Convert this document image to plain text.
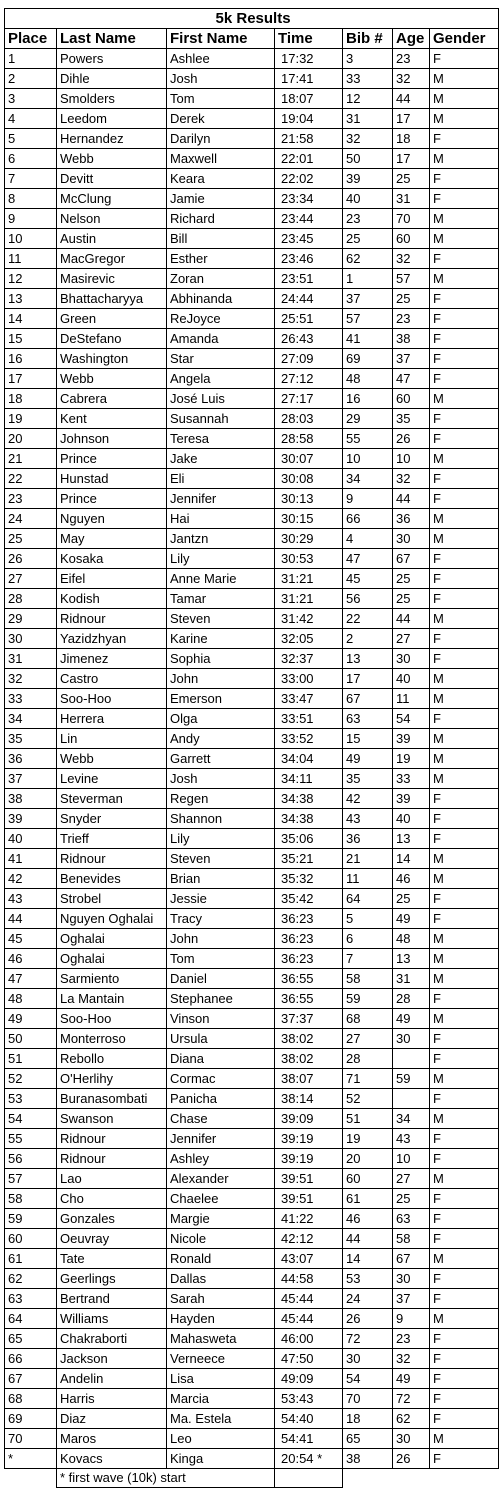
5k Results						
Place	Last Name	First Name	Time	Bib #	Age	Gender
1	Powers	Ashlee	17:32	3	23	F
2	Dihle	Josh	17:41	33	32	M
3	Smolders	Tom	18:07	12	44	M
4	Leedom	Derek	19:04	31	17	M
5	Hernandez	Darilyn	21:58	32	18	F
6	Webb	Maxwell	22:01	50	17	M
7	Devitt	Keara	22:02	39	25	F
8	McClung	Jamie	23:34	40	31	F
9	Nelson	Richard	23:44	23	70	M
10	Austin	Bill	23:45	25	60	M
11	MacGregor	Esther	23:46	62	32	F
12	Masirevic	Zoran	23:51	1	57	M
13	Bhattacharyya	Abhinanda	24:44	37	25	F
14	Green	ReJoyce	25:51	57	23	F
15	DeStefano	Amanda	26:43	41	38	F
16	Washington	Star	27:09	69	37	F
17	Webb	Angela	27:12	48	47	F
18	Cabrera	José Luis	27:17	16	60	M
19	Kent	Susannah	28:03	29	35	F
20	Johnson	Teresa	28:58	55	26	F
21	Prince	Jake	30:07	10	10	M
22	Hunstad	Eli	30:08	34	32	F
23	Prince	Jennifer	30:13	9	44	F
24	Nguyen	Hai	30:15	66	36	M
25	May	Jantzn	30:29	4	30	M
26	Kosaka	Lily	30:53	47	67	F
27	Eifel	Anne Marie	31:21	45	25	F
28	Kodish	Tamar	31:21	56	25	F
29	Ridnour	Steven	31:42	22	44	M
30	Yazidzhyan	Karine	32:05	2	27	F
31	Jimenez	Sophia	32:37	13	30	F
32	Castro	John	33:00	17	40	M
33	Soo-Hoo	Emerson	33:47	67	11	M
34	Herrera	Olga	33:51	63	54	F
35	Lin	Andy	33:52	15	39	M
36	Webb	Garrett	34:04	49	19	M
37	Levine	Josh	34:11	35	33	M
38	Steverman	Regen	34:38	42	39	F
39	Snyder	Shannon	34:38	43	40	F
40	Trieff	Lily	35:06	36	13	F
41	Ridnour	Steven	35:21	21	14	M
42	Benevides	Brian	35:32	11	46	M
43	Strobel	Jessie	35:42	64	25	F
44	Nguyen Oghalai	Tracy	36:23	5	49	F
45	Oghalai	John	36:23	6	48	M
46	Oghalai	Tom	36:23	7	13	M
47	Sarmiento	Daniel	36:55	58	31	M
48	La Mantain	Stephanee	36:55	59	28	F
49	Soo-Hoo	Vinson	37:37	68	49	M
50	Monterroso	Ursula	38:02	27	30	F
51	Rebollo	Diana	38:02	28		F
52	O'Herlihy	Cormac	38:07	71	59	M
53	Buranasombati	Panicha	38:14	52		F
54	Swanson	Chase	39:09	51	34	M
55	Ridnour	Jennifer	39:19	19	43	F
56	Ridnour	Ashley	39:19	20	10	F
57	Lao	Alexander	39:51	60	27	M
58	Cho	Chaelee	39:51	61	25	F
59	Gonzales	Margie	41:22	46	63	F
60	Oeuvray	Nicole	42:12	44	58	F
61	Tate	Ronald	43:07	14	67	M
62	Geerlings	Dallas	44:58	53	30	F
63	Bertrand	Sarah	45:44	24	37	F
64	Williams	Hayden	45:44	26	9	M
65	Chakraborti	Mahasweta	46:00	72	23	F
66	Jackson	Verneece	47:50	30	32	F
67	Andelin	Lisa	49:09	54	49	F
68	Harris	Marcia	53:43	70	72	F
69	Diaz	Ma. Estela	54:40	18	62	F
70	Maros	Leo	54:41	65	30	M
*	Kovacs	Kinga	20:54 *	38	26	F
	* first wave (10k) start					
